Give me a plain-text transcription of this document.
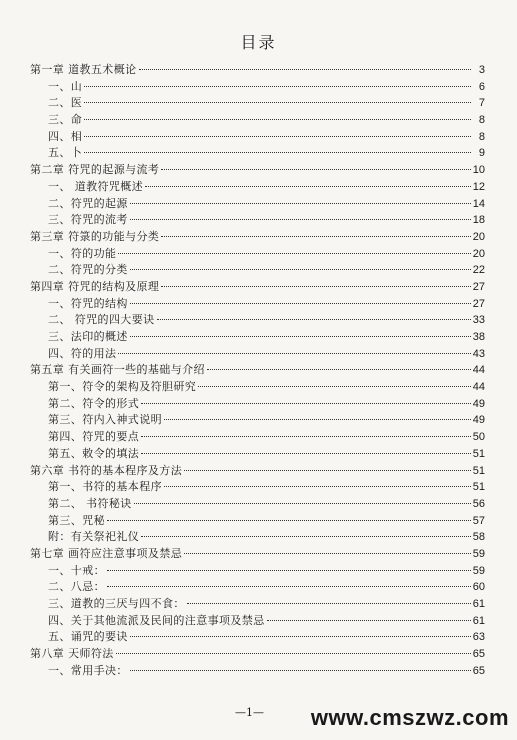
目录
第一章 道教五术概论	3
一、山	6
二、医	7
三、命	8
四、相	8
五、卜	9
第二章 符咒的起源与流考	10
一、 道教符咒概述	12
二、符咒的起源	14
三、符咒的流考	18
第三章 符箓的功能与分类	20
一、符的功能	20
二、符咒的分类	22
第四章 符咒的结构及原理	27
一、符咒的结构	27
二、 符咒的四大要诀	33
三、法印的概述	38
四、符的用法	43
第五章 有关画符一些的基础与介绍	44
第一、符令的架构及符胆研究	44
第二、符令的形式	49
第三、符内入神式说明	49
第四、符咒的要点	50
第五、敕令的填法	51
第六章 书符的基本程序及方法	51
第一、书符的基本程序	51
第二、 书符秘诀	56
第三、咒秘	57
附：有关祭祀礼仪	58
第七章 画符应注意事项及禁忌	59
一、十戒：	59
二、八忌：	60
三、道教的三厌与四不食：	61
四、关于其他流派及民间的注意事项及禁忌	61
五、诵咒的要诀	63
第八章 天师符法	65
一、常用手决：	65
—1— www.cmszwz.com
